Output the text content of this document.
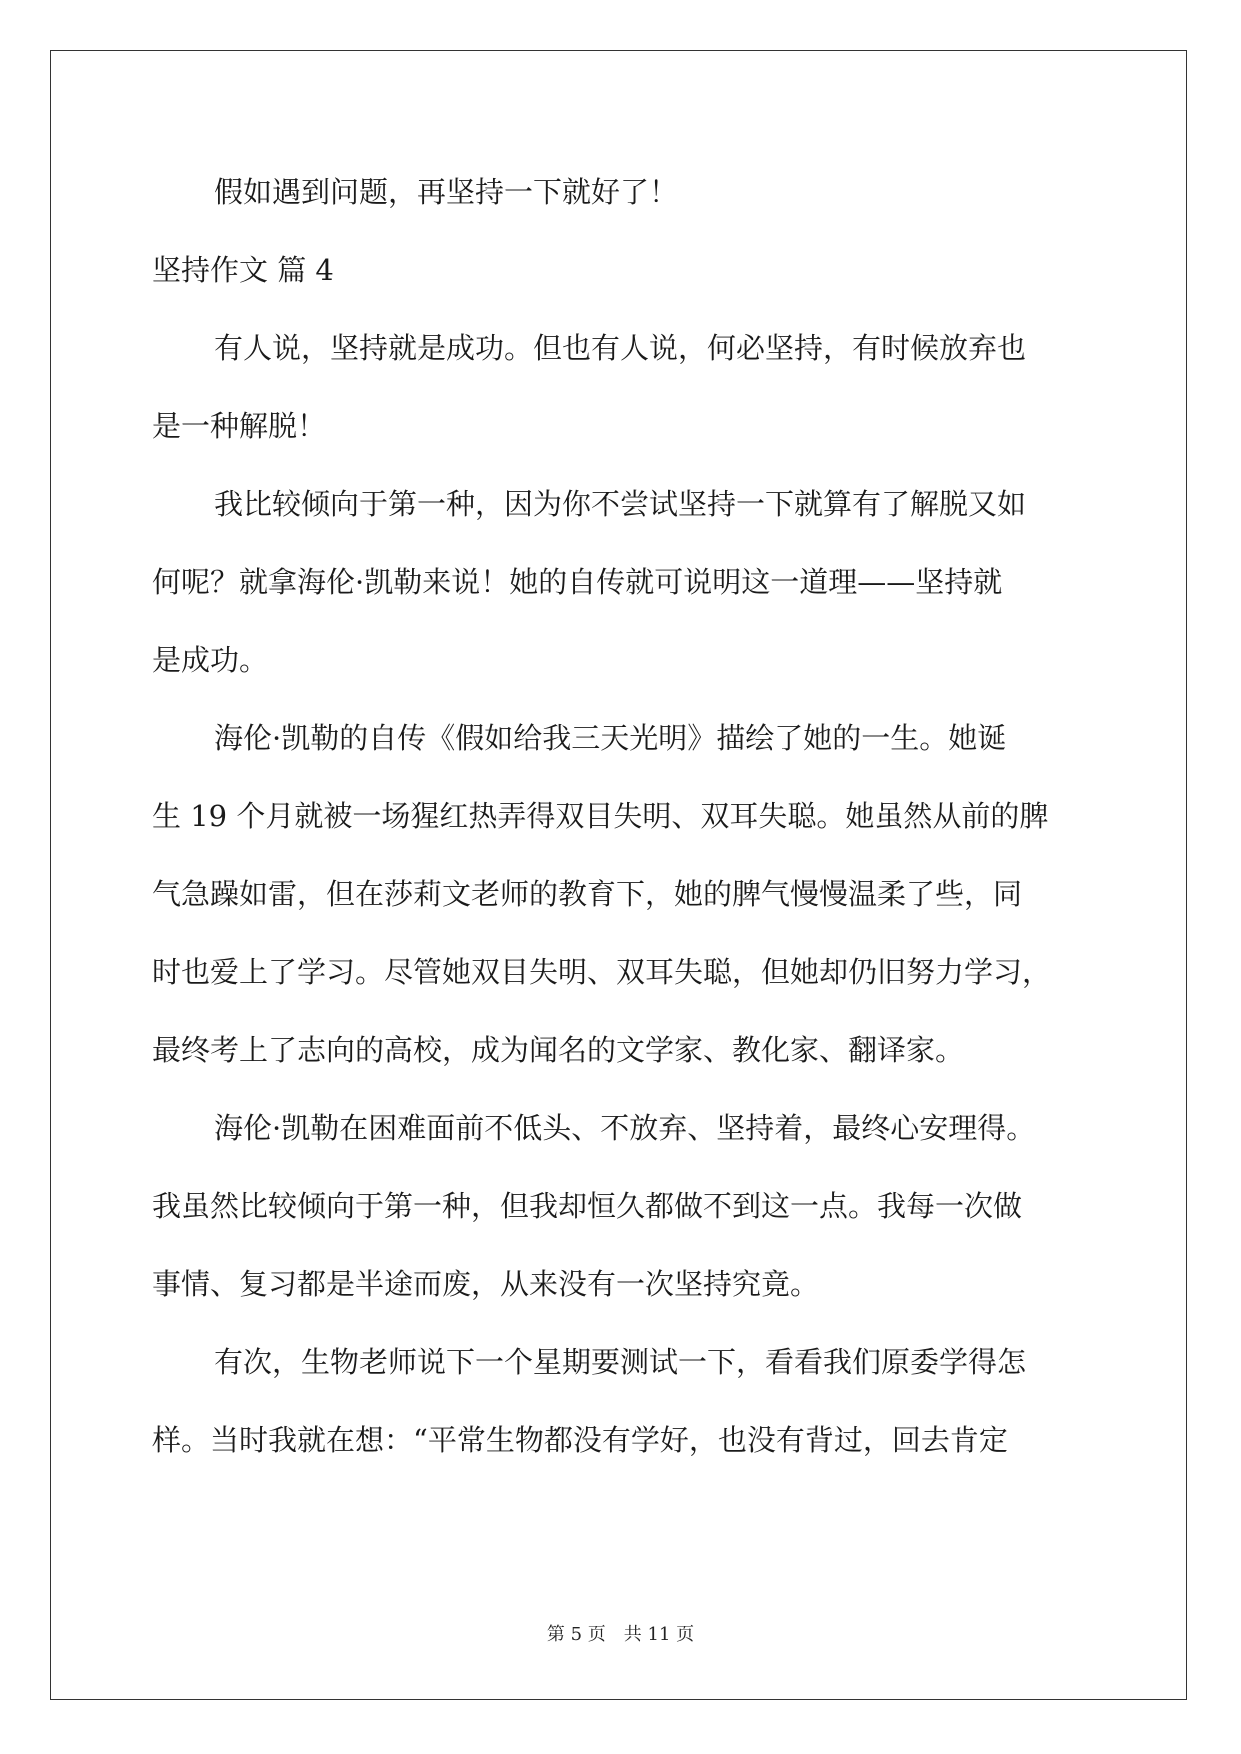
假如遇到问题，再坚持一下就好了！
坚持作文 篇 4
有人说，坚持就是成功。但也有人说，何必坚持，有时候放弃也
是一种解脱！
我比较倾向于第一种，因为你不尝试坚持一下就算有了解脱又如
何呢？就拿海伦·凯勒来说！她的自传就可说明这一道理——坚持就
是成功。
海伦·凯勒的自传《假如给我三天光明》描绘了她的一生。她诞
生 19 个月就被一场猩红热弄得双目失明、双耳失聪。她虽然从前的脾
气急躁如雷，但在莎莉文老师的教育下，她的脾气慢慢温柔了些，同
时也爱上了学习。尽管她双目失明、双耳失聪，但她却仍旧努力学习，
最终考上了志向的高校，成为闻名的文学家、教化家、翻译家。
海伦·凯勒在困难面前不低头、不放弃、坚持着，最终心安理得。
我虽然比较倾向于第一种，但我却恒久都做不到这一点。我每一次做
事情、复习都是半途而废，从来没有一次坚持究竟。
有次，生物老师说下一个星期要测试一下，看看我们原委学得怎
样。当时我就在想：“平常生物都没有学好，也没有背过，回去肯定
第 5 页　共 11 页
